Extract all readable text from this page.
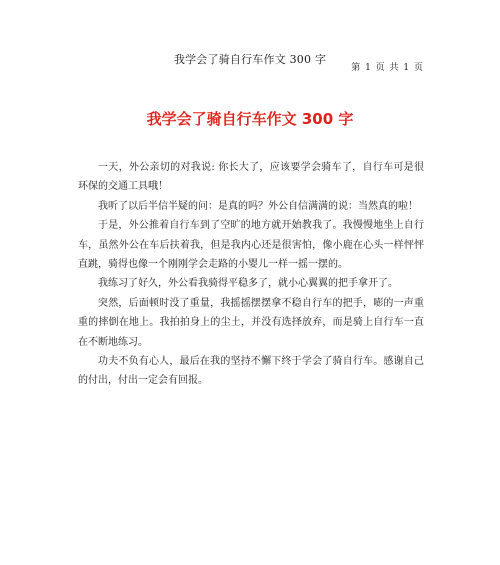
我学会了骑自行车作文 300 字
第 1 页 共 1 页
我学会了骑自行车作文 300 字

一天，外公亲切的对我说: 你长大了，应该要学会骑车了，自行车可是很环保的交通工具哦！

我听了以后半信半疑的问：是真的吗？外公自信满满的说：当然真的啦！

于是，外公推着自行车到了空旷的地方就开始教我了。我慢慢地坐上自行车，虽然外公在车后扶着我，但是我内心还是很害怕，像小鹿在心头一样怦怦直跳，骑得也像一个刚刚学会走路的小婴儿一样一摇一摆的。

我练习了好久，外公看我骑得平稳多了，就小心翼翼的把手拿开了。

突然，后面顿时没了重量，我摇摇摆摆拿不稳自行车的把手，嘭的一声重重的摔倒在地上。我拍拍身上的尘土，并没有选择放弃，而是骑上自行车一直在不断地练习。

功夫不负有心人，最后在我的坚持不懈下终于学会了骑自行车。感谢自己的付出，付出一定会有回报。
